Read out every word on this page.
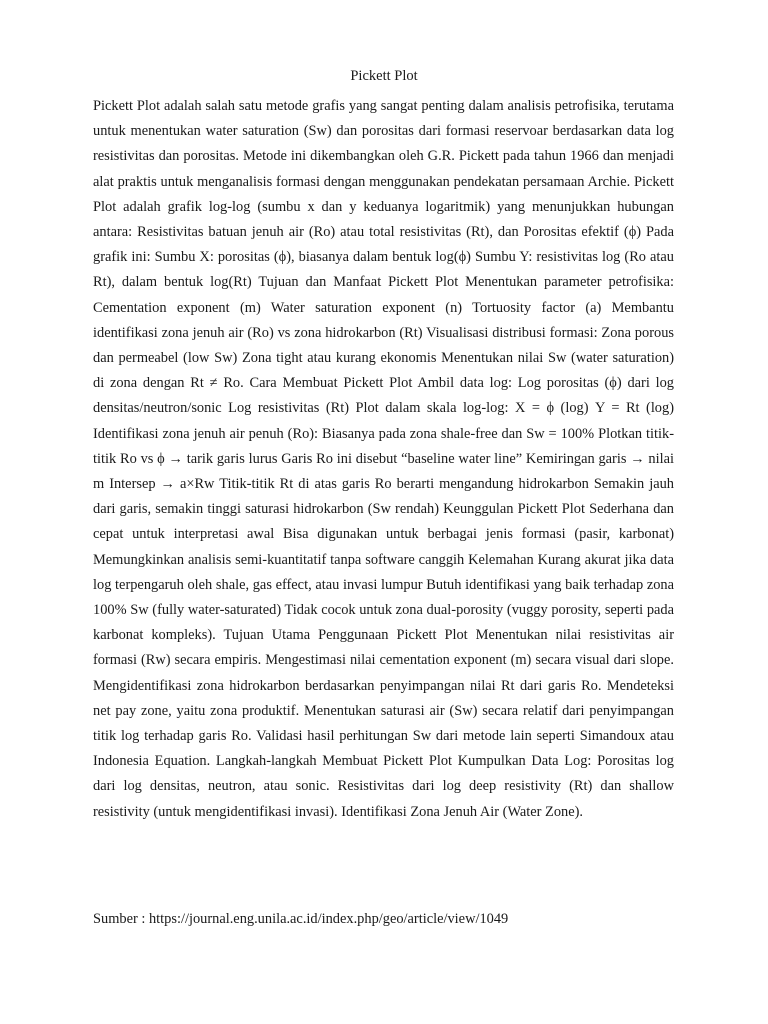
Pickett Plot

Pickett Plot adalah salah satu metode grafis yang sangat penting dalam analisis petrofisika, terutama untuk menentukan water saturation (Sw) dan porositas dari formasi reservoar berdasarkan data log resistivitas dan porositas. Metode ini dikembangkan oleh G.R. Pickett pada tahun 1966 dan menjadi alat praktis untuk menganalisis formasi dengan menggunakan pendekatan persamaan Archie. Pickett Plot adalah grafik log-log (sumbu x dan y keduanya logaritmik) yang menunjukkan hubungan antara: Resistivitas batuan jenuh air (Ro) atau total resistivitas (Rt), dan Porositas efektif (ϕ) Pada grafik ini: Sumbu X: porositas (ϕ), biasanya dalam bentuk log(ϕ) Sumbu Y: resistivitas log (Ro atau Rt), dalam bentuk log(Rt) Tujuan dan Manfaat Pickett Plot Menentukan parameter petrofisika: Cementation exponent (m) Water saturation exponent (n) Tortuosity factor (a) Membantu identifikasi zona jenuh air (Ro) vs zona hidrokarbon (Rt) Visualisasi distribusi formasi: Zona porous dan permeabel (low Sw) Zona tight atau kurang ekonomis Menentukan nilai Sw (water saturation) di zona dengan Rt ≠ Ro. Cara Membuat Pickett Plot Ambil data log: Log porositas (ϕ) dari log densitas/neutron/sonic Log resistivitas (Rt) Plot dalam skala log-log: X = ϕ (log) Y = Rt (log) Identifikasi zona jenuh air penuh (Ro): Biasanya pada zona shale-free dan Sw = 100% Plotkan titik-titik Ro vs ϕ → tarik garis lurus Garis Ro ini disebut “baseline water line” Kemiringan garis → nilai m Intersep → a×Rw Titik-titik Rt di atas garis Ro berarti mengandung hidrokarbon Semakin jauh dari garis, semakin tinggi saturasi hidrokarbon (Sw rendah) Keunggulan Pickett Plot Sederhana dan cepat untuk interpretasi awal Bisa digunakan untuk berbagai jenis formasi (pasir, karbonat) Memungkinkan analisis semi-kuantitatif tanpa software canggih Kelemahan Kurang akurat jika data log terpengaruh oleh shale, gas effect, atau invasi lumpur Butuh identifikasi yang baik terhadap zona 100% Sw (fully water-saturated) Tidak cocok untuk zona dual-porosity (vuggy porosity, seperti pada karbonat kompleks). Tujuan Utama Penggunaan Pickett Plot Menentukan nilai resistivitas air formasi (Rw) secara empiris. Mengestimasi nilai cementation exponent (m) secara visual dari slope. Mengidentifikasi zona hidrokarbon berdasarkan penyimpangan nilai Rt dari garis Ro. Mendeteksi net pay zone, yaitu zona produktif. Menentukan saturasi air (Sw) secara relatif dari penyimpangan titik log terhadap garis Ro. Validasi hasil perhitungan Sw dari metode lain seperti Simandoux atau Indonesia Equation. Langkah-langkah Membuat Pickett Plot Kumpulkan Data Log: Porositas log dari log densitas, neutron, atau sonic. Resistivitas dari log deep resistivity (Rt) dan shallow resistivity (untuk mengidentifikasi invasi). Identifikasi Zona Jenuh Air (Water Zone).

Sumber : https://journal.eng.unila.ac.id/index.php/geo/article/view/1049
